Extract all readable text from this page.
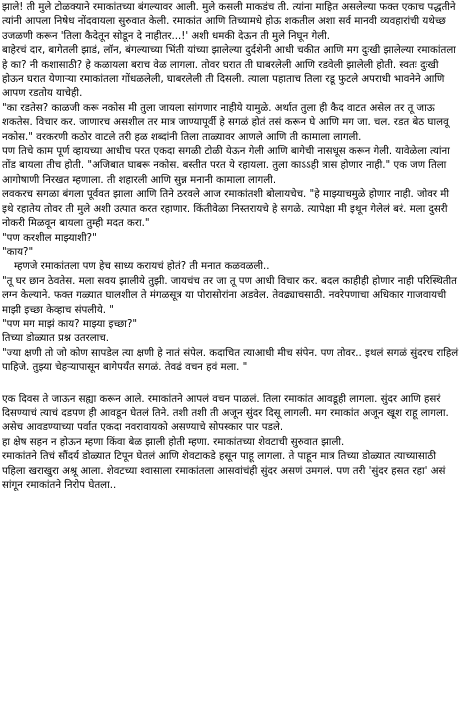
झाले! ती मुले टोळक्याने रमाकांतच्या बंगल्यावर आली. मुले कसली माकडंच ती. त्यांना माहित असलेल्या फक्त एकाच पद्धतीने त्यांनी आपला निषेध नोंदवायला सुरुवात केली. रमाकांत आणि तिच्यामधे होऊ शकतील अशा सर्व मानवी व्यवहारांची यथेच्छ उजळणी करून 'तिला कैदेतून सोडून दे नाहीतर...!' अशी धमकी देऊन ती मुले निघून गेली.

बाहेरचं दार, बागेतली झाडं, लॉन, बंगल्याच्या भिंती यांच्या झालेल्या दुर्दशेनी आधी चकीत आणि मग दुःखी झालेल्या रमाकांतला हे का? नी कशासाठी? हे कळायला बराच वेळ लागला. तोवर घरात ती घाबरलेली आणि रडवेली झालेली होती. स्वतः दुःखी होऊन घरात येणाऱ्या रमाकांतला गोंधळलेली, घाबरलेली ती दिसली. त्याला पहाताच तिला रडू फुटले अपराधी भावनेने आणि आपण रडतोय याचेही.

"का रडतेस? काळजी करू नकोस मी तुला जायला सांगणार नाहीये यामुळे. अर्थात तुला ही कैद वाटत असेल तर तू जाऊ शकतेस. विचार कर. जाणारच असशील तर मात्र जाण्यापूर्वी हे सगळं होतं तसं करून घे आणि मग जा. चल. रडत बेठ घालवू नकोस." वरकरणी कठोर वाटले तरी हळ शब्दांनी तिला ताळ्यावर आणले आणि ती कामाला लागली.

पण तिचे काम पूर्ण व्हायच्या आधीच परत एकदा सगळी टोळी येऊन गेली आणि बागेची नासधूस करून गेली. यावेळेला त्यांना तोंड बायला तीच होती. "अजिबात घाबरू नकोस. बस्तीत परत ये रहायला. तुला काऽऽही त्रास होणार नाही." एक जण तिला आगोषाणी निरखत म्हणाला. ती शहारली आणि सुन्न मनानी कामाला लागली.

लवकरच सगळा बंगला पूर्ववत झाला आणि तिने ठरवले आज रमाकांतशी बोलायचेच. "हे माझ्याचमुळे होणार नाही. जोवर मी इथे रहातेय तोवर ती मुले अशी उत्पात करत रहाणार. किंतीवेळा निस्तरायचे हे सगळे. त्यापेक्षा मी इथून गेलेलं बरं. मला दुसरी नोकरी मिळवून बायला तुम्ही मदत करा."

"पण करशील माझ्याशी?"

"काय?"

म्हणजे रमाकांतला पण हेच साध्य करायचं होतं? ती मनात कळवळली..

"तू घर छान ठेवतेस. मला सवय झालीये तुझी. जायचंच तर जा तू पण आधी विचार कर. बदल काहीही होणार नाही परिस्थितीत लग्न केल्याने. फक्त गळ्यात घालशील ते मंगळसूत्र या पोरासोरांना अडवेल. तेवढ्याचसाठी. नवरेपणाचा अधिकार गाजवायची माझी इच्छा केव्हाच संपलीये. "

"पण मग माझं काय? माझ्या इच्छा?"

तिच्या डोळ्यात प्रश्न उतरलाच.

"ज्या क्षणी तो जो कोण सापडेल त्या क्षणी हे नातं संपेल. कदाचित त्याआधी मीच संपेन. पण तोवर.. इथलं सगळं सुंदरच राहिलं पाहिजे. तुझ्या चेहऱ्यापासून बागेपर्यंत सगळं. तेवढं वचन हवं मला. "

एक दिवस ते जाऊन सह्या करून आले. रमाकांतने आपलं वचन पाळलं. तिला रमाकांत आवडूही लागला. सुंदर आणि हसरं दिसण्याचं त्याचं दडपण ही आवडून घेतलं तिने. तशी तशी ती अजून सुंदर दिसू लागली. मग रमाकांत अजून खूश राहू लागला. असेच आवडण्याच्या पर्वात एकदा नवरावायको असण्याचे सोपस्कार पार पडले.

हा क्षेष सहन न होऊन म्हणा किंवा बेळ झाली होती म्हणा. रमाकांतच्या शेवटाची सुरुवात झाली.

रमाकांतने तिचं सौंदर्य डोळ्यात टिपून घेतलं आणि शेवटाकडे हसून पाहू लागला. ते पाहून मात्र तिच्या डोळ्यात त्याच्यासाठी पहिला खराखुरा अश्रू आला. शेवटच्या श्वासाला रमाकांतला आसवांचंही सुंदर असणं उमगलं. पण तरी 'सुंदर हसत रहा' असं सांगून रमाकांतने निरोप घेतला..
